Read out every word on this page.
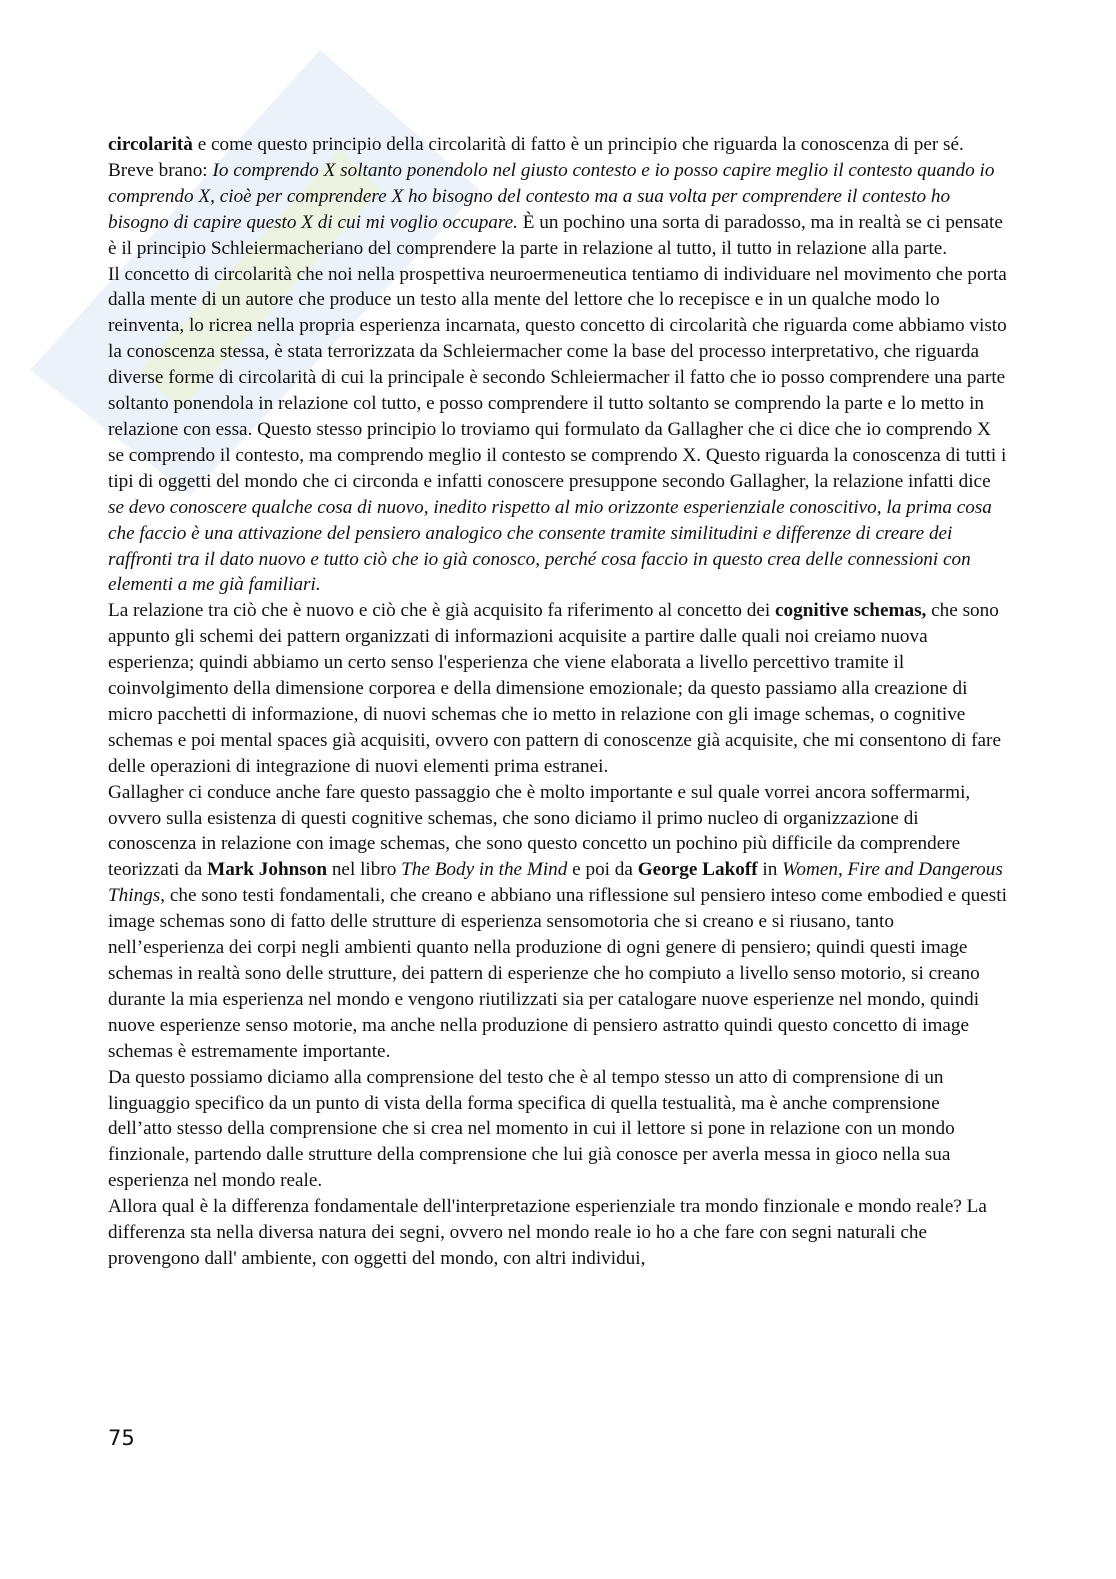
circolarità e come questo principio della circolarità di fatto è un principio che riguarda la conoscenza di per sé.

Breve brano: Io comprendo X soltanto ponendolo nel giusto contesto e io posso capire meglio il contesto quando io comprendo X, cioè per comprendere X ho bisogno del contesto ma a sua volta per comprendere il contesto ho bisogno di capire questo X di cui mi voglio occupare. È un pochino una sorta di paradosso, ma in realtà se ci pensate è il principio Schleiermacheriano del comprendere la parte in relazione al tutto, il tutto in relazione alla parte.

Il concetto di circolarità che noi nella prospettiva neuroermeneutica tentiamo di individuare nel movimento che porta dalla mente di un autore che produce un testo alla mente del lettore che lo recepisce e in un qualche modo lo reinventa, lo ricrea nella propria esperienza incarnata, questo concetto di circolarità che riguarda come abbiamo visto la conoscenza stessa, è stata terrorizzata da Schleiermacher come la base del processo interpretativo, che riguarda diverse forme di circolarità di cui la principale è secondo Schleiermacher il fatto che io posso comprendere una parte soltanto ponendola in relazione col tutto, e posso comprendere il tutto soltanto se comprendo la parte e lo metto in relazione con essa. Questo stesso principio lo troviamo qui formulato da Gallagher che ci dice che io comprendo X se comprendo il contesto, ma comprendo meglio il contesto se comprendo X. Questo riguarda la conoscenza di tutti i tipi di oggetti del mondo che ci circonda e infatti conoscere presuppone secondo Gallagher, la relazione infatti dice se devo conoscere qualche cosa di nuovo, inedito rispetto al mio orizzonte esperienziale conoscitivo, la prima cosa che faccio è una attivazione del pensiero analogico che consente tramite similitudini e differenze di creare dei raffronti tra il dato nuovo e tutto ciò che io già conosco, perché cosa faccio in questo crea delle connessioni con elementi a me già familiari.

La relazione tra ciò che è nuovo e ciò che è già acquisito fa riferimento al concetto dei cognitive schemas, che sono appunto gli schemi dei pattern organizzati di informazioni acquisite a partire dalle quali noi creiamo nuova esperienza; quindi abbiamo un certo senso l'esperienza che viene elaborata a livello percettivo tramite il coinvolgimento della dimensione corporea e della dimensione emozionale; da questo passiamo alla creazione di micro pacchetti di informazione, di nuovi schemas che io metto in relazione con gli image schemas, o cognitive schemas e poi mental spaces già acquisiti, ovvero con pattern di conoscenze già acquisite, che mi consentono di fare delle operazioni di integrazione di nuovi elementi prima estranei.

Gallagher ci conduce anche fare questo passaggio che è molto importante e sul quale vorrei ancora soffermarmi, ovvero sulla esistenza di questi cognitive schemas, che sono diciamo il primo nucleo di organizzazione di conoscenza in relazione con image schemas, che sono questo concetto un pochino più difficile da comprendere teorizzati da Mark Johnson nel libro The Body in the Mind e poi da George Lakoff in Women, Fire and Dangerous Things, che sono testi fondamentali, che creano e abbiano una riflessione sul pensiero inteso come embodied e questi image schemas sono di fatto delle strutture di esperienza sensomotoria che si creano e si riusano, tanto nell’esperienza dei corpi negli ambienti quanto nella produzione di ogni genere di pensiero; quindi questi image schemas in realtà sono delle strutture, dei pattern di esperienze che ho compiuto a livello senso motorio, si creano durante la mia esperienza nel mondo e vengono riutilizzati sia per catalogare nuove esperienze nel mondo, quindi nuove esperienze senso motorie, ma anche nella produzione di pensiero astratto quindi questo concetto di image schemas è estremamente importante.

Da questo possiamo diciamo alla comprensione del testo che è al tempo stesso un atto di comprensione di un linguaggio specifico da un punto di vista della forma specifica di quella testualità, ma è anche comprensione dell’atto stesso della comprensione che si crea nel momento in cui il lettore si pone in relazione con un mondo finzionale, partendo dalle strutture della comprensione che lui già conosce per averla messa in gioco nella sua esperienza nel mondo reale.

Allora qual è la differenza fondamentale dell'interpretazione esperienziale tra mondo finzionale e mondo reale? La differenza sta nella diversa natura dei segni, ovvero nel mondo reale io ho a che fare con segni naturali che provengono dall' ambiente, con oggetti del mondo, con altri individui,

75
